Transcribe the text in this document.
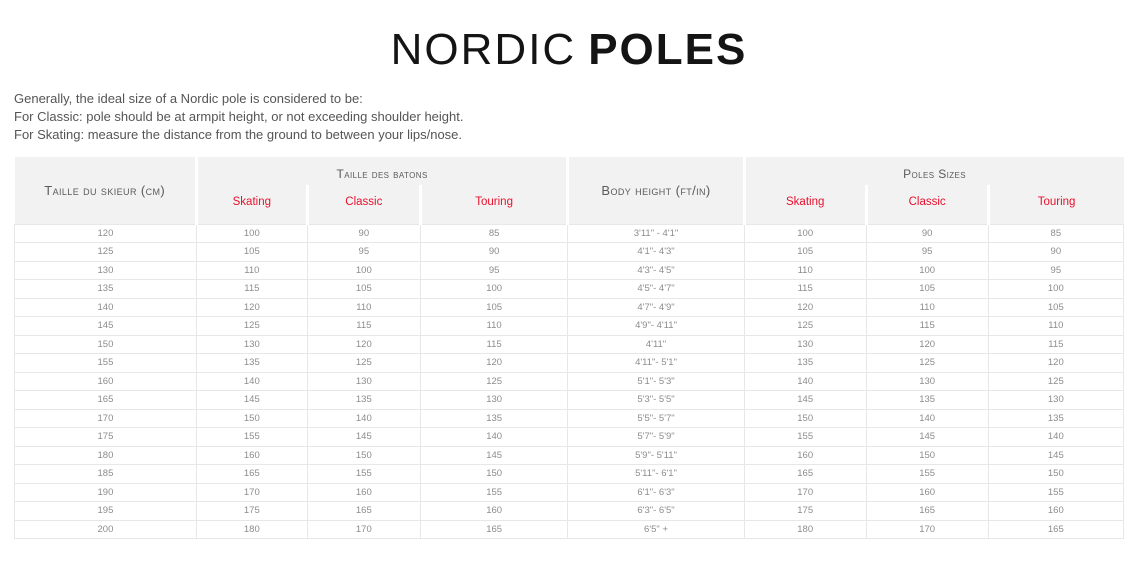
NORDIC POLES

Generally, the ideal size of a Nordic pole is considered to be:

For Classic: pole should be at armpit height, or not exceeding shoulder height.

For Skating: measure the distance from the ground to between your lips/nose.

Taille du skieur (cm)	Taille des batons			Body height (ft/in)	Poles Sizes		
	Skating	Classic	Touring		Skating	Classic	Touring
120	100	90	85	3'11" - 4'1"	100	90	85
125	105	95	90	4'1"- 4'3"	105	95	90
130	110	100	95	4'3"- 4'5"	110	100	95
135	115	105	100	4'5"- 4'7"	115	105	100
140	120	110	105	4'7"- 4'9"	120	110	105
145	125	115	110	4'9"- 4'11"	125	115	110
150	130	120	115	4'11"	130	120	115
155	135	125	120	4'11"- 5'1"	135	125	120
160	140	130	125	5'1"- 5'3"	140	130	125
165	145	135	130	5'3"- 5'5"	145	135	130
170	150	140	135	5'5"- 5'7"	150	140	135
175	155	145	140	5'7"- 5'9"	155	145	140
180	160	150	145	5'9"- 5'11"	160	150	145
185	165	155	150	5'11"- 6'1"	165	155	150
190	170	160	155	6'1"- 6'3"	170	160	155
195	175	165	160	6'3"- 6'5"	175	165	160
200	180	170	165	6'5" +	180	170	165
